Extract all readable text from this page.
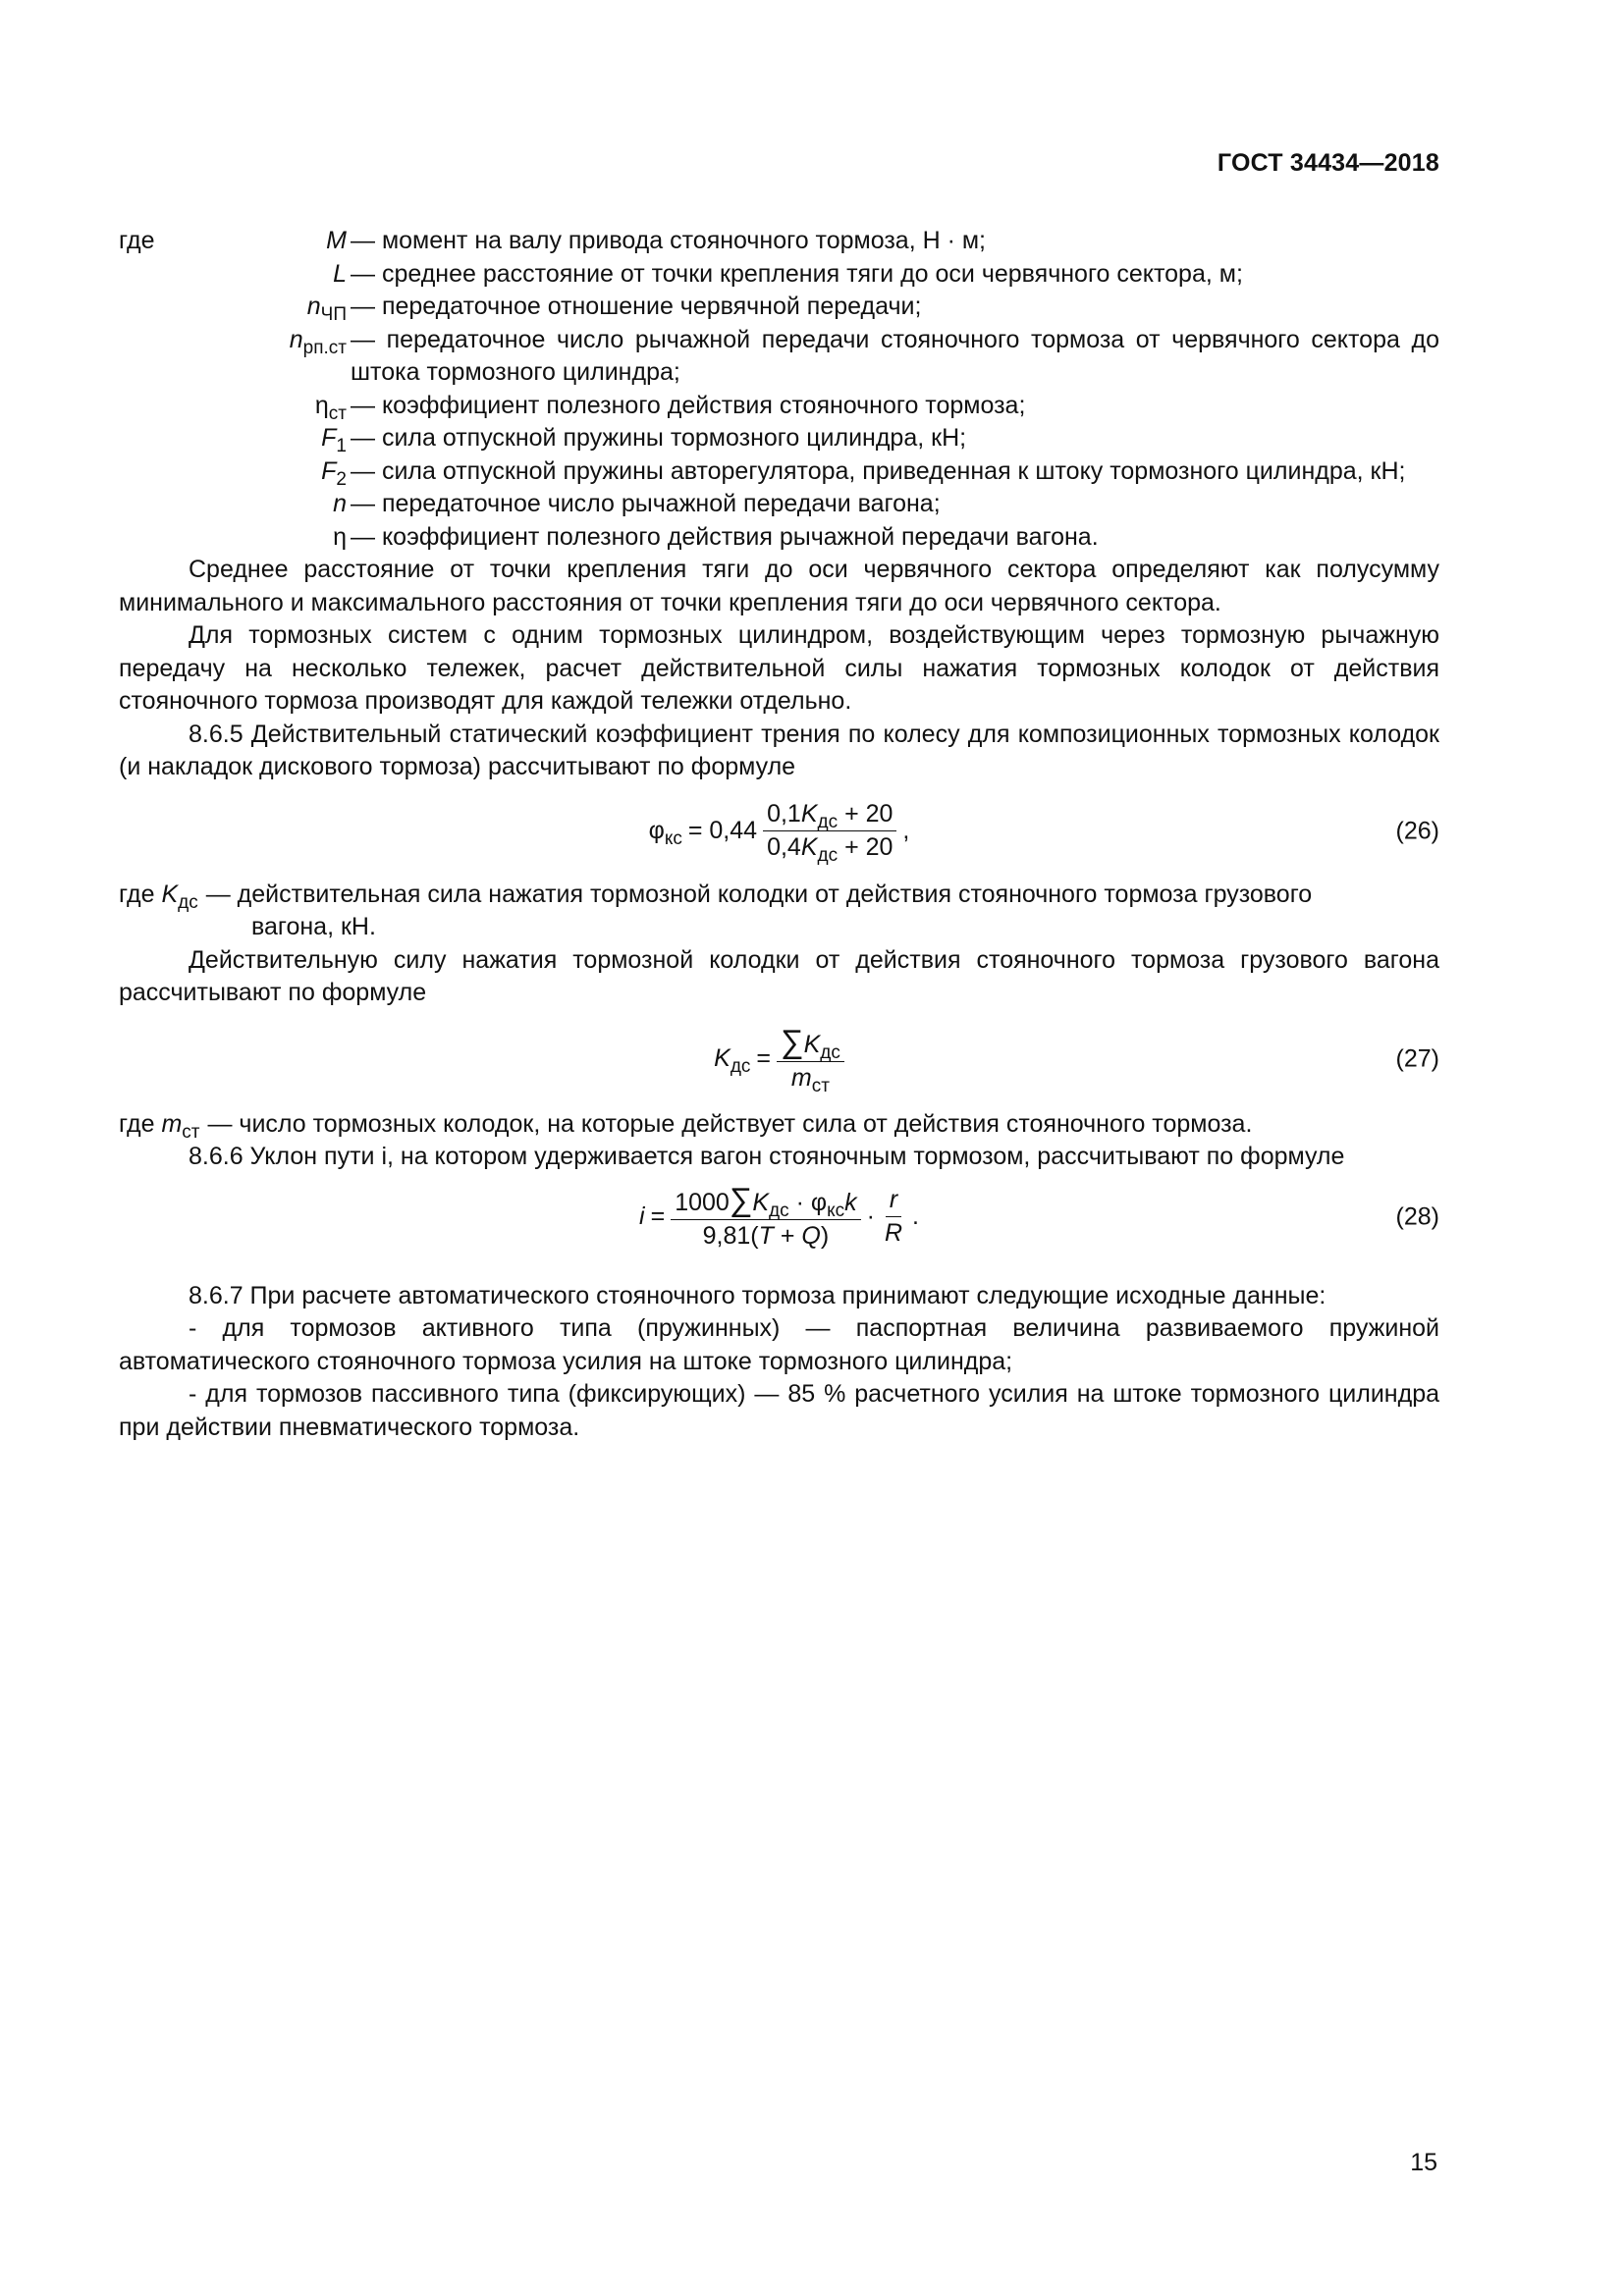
ГОСТ 34434—2018
где	M — момент на валу привода стояночного тормоза, Н · м;
L — среднее расстояние от точки крепления тяги до оси червячного сектора, м;
$n_{ЧП}$ — передаточное отношение червячной передачи;
$n_{рп.ст}$ — передаточное число рычажной передачи стояночного тормоза от червячного сектора до штока тормозного цилиндра;
$\eta_{ст}$ — коэффициент полезного действия стояночного тормоза;
$F_1$ — сила отпускной пружины тормозного цилиндра, кН;
$F_2$ — сила отпускной пружины авторегулятора, приведенная к штоку тормозного цилиндра, кН;
n — передаточное число рычажной передачи вагона;
η — коэффициент полезного действия рычажной передачи вагона.

Среднее расстояние от точки крепления тяги до оси червячного сектора определяют как полусумму минимального и максимального расстояния от точки крепления тяги до оси червячного сектора.

Для тормозных систем с одним тормозных цилиндром, воздействующим через тормозную рычажную передачу на несколько тележек, расчет действительной силы нажатия тормозных колодок от действия стояночного тормоза производят для каждой тележки отдельно.

8.6.5 Действительный статический коэффициент трения по колесу для композиционных тормозных колодок (и накладок дискового тормоза) рассчитывают по формуле

$\varphi_{кс} = 0,44 \frac{0,1K_{дс} + 20}{0,4K_{дс} + 20}$ ,	(26)
где $K_{дс}$ — действительная сила нажатия тормозной колодки от действия стояночного тормоза грузового
вагона, кН.

Действительную силу нажатия тормозной колодки от действия стояночного тормоза грузового вагона рассчитывают по формуле

$K_{дс} = \frac{\sum K_{дс}}{m_{ст}}$	(27)
где $m_{ст}$ — число тормозных колодок, на которые действует сила от действия стояночного тормоза.

8.6.6 Уклон пути i, на котором удерживается вагон стояночным тормозом, рассчитывают по формуле

$i = \frac{1000\sum K_{дс} \cdot \varphi_{кс}k}{9,81(T + Q)} \cdot \frac{r}{R}$ .	(28)

8.6.7 При расчете автоматического стояночного тормоза принимают следующие исходные данные:

- для тормозов активного типа (пружинных) — паспортная величина развиваемого пружиной автоматического стояночного тормоза усилия на штоке тормозного цилиндра;

- для тормозов пассивного типа (фиксирующих) — 85 % расчетного усилия на штоке тормозного цилиндра при действии пневматического тормоза.

15
